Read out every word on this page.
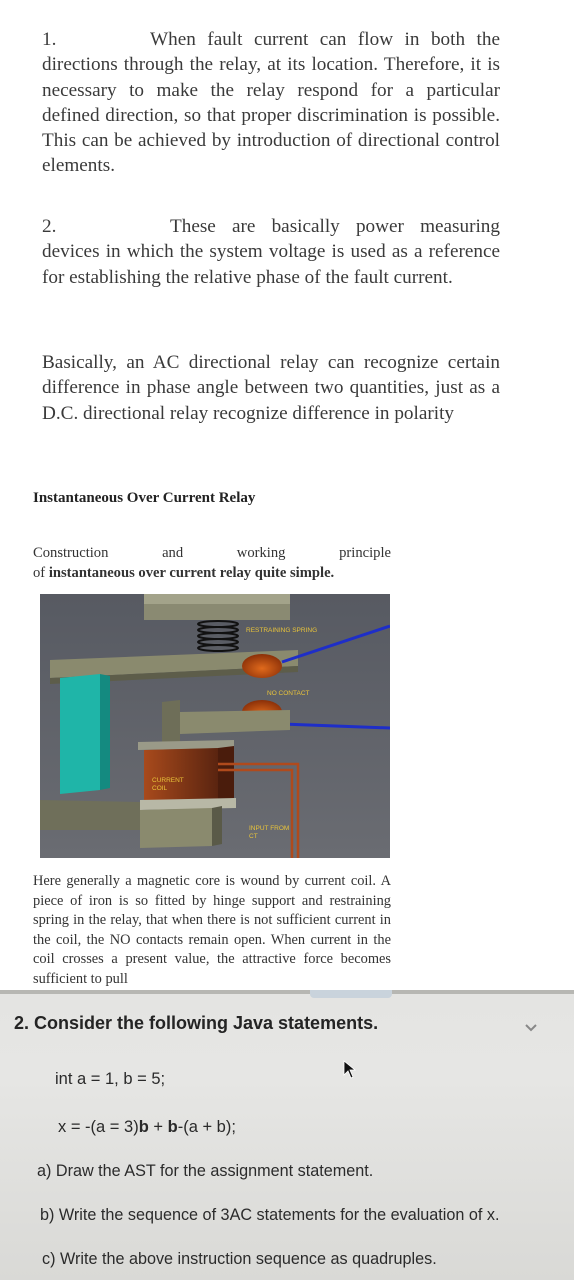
1.	When fault current can flow in both the directions through the relay, at its location. Therefore, it is necessary to make the relay respond for a particular defined direction, so that proper discrimination is possible. This can be achieved by introduction of directional control elements.

2.	These are basically power measuring devices in which the system voltage is used as a reference for establishing the relative phase of the fault current.

Basically, an AC directional relay can recognize certain difference in phase angle between two quantities, just as a D.C. directional relay recognize difference in polarity

Instantaneous Over Current Relay
Construction	and	working	principle
of instantaneous over current relay quite simple.
RESTRAINING SPRING
NO CONTACT
CURRENT
COIL
INPUT FROM
CT

Here generally a magnetic core is wound by current coil. A piece of iron is so fitted by hinge support and restraining spring in the relay, that when there is not sufficient current in the coil, the NO contacts remain open. When current in the coil crosses a present value, the attractive force becomes sufficient to pull

2. Consider the following Java statements.
int a = 1, b = 5;
x = -(a = 3)b + b-(a + b);
a) Draw the AST for the assignment statement.
b) Write the sequence of 3AC statements for the evaluation of x.
c) Write the above instruction sequence as quadruples.
